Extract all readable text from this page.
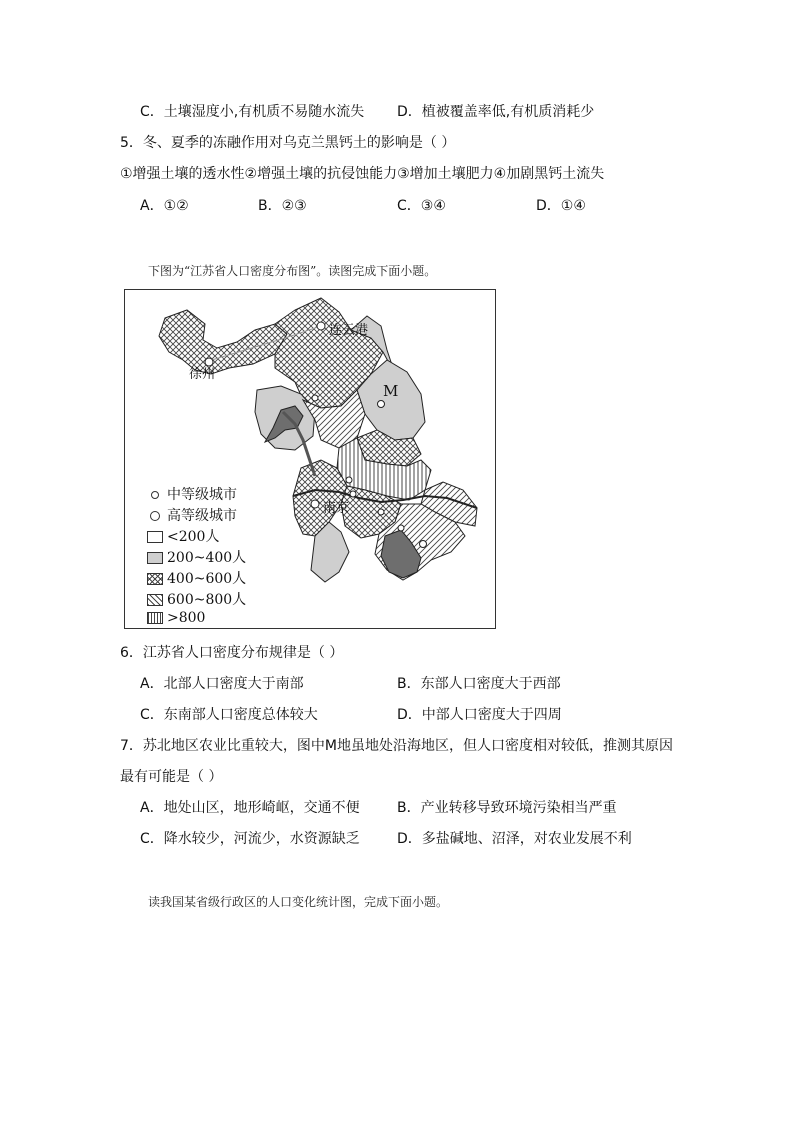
C．土壤湿度小,有机质不易随水流失 D．植被覆盖率低,有机质消耗少
5．冬、夏季的冻融作用对乌克兰黑钙土的影响是（ ）
①增强土壤的透水性②增强土壤的抗侵蚀能力③增加土壤肥力④加剧黑钙土流失
A．①②	B．②③	C．③④	D．①④
下图为“江苏省人口密度分布图”。读图完成下面小题。
连云港
徐州
M
南京
中等级城市
高等级城市
<200人
200~400人
400~600人
600~800人
>800
6．江苏省人口密度分布规律是（ ）
A．北部人口密度大于南部	B．东部人口密度大于西部
C．东南部人口密度总体较大	D．中部人口密度大于四周
7．苏北地区农业比重较大，图中M地虽地处沿海地区，但人口密度相对较低，推测其原因
最有可能是（ ）
A．地处山区，地形崎岖，交通不便	B．产业转移导致环境污染相当严重
C．降水较少，河流少，水资源缺乏	D．多盐碱地、沼泽，对农业发展不利
读我国某省级行政区的人口变化统计图，完成下面小题。
